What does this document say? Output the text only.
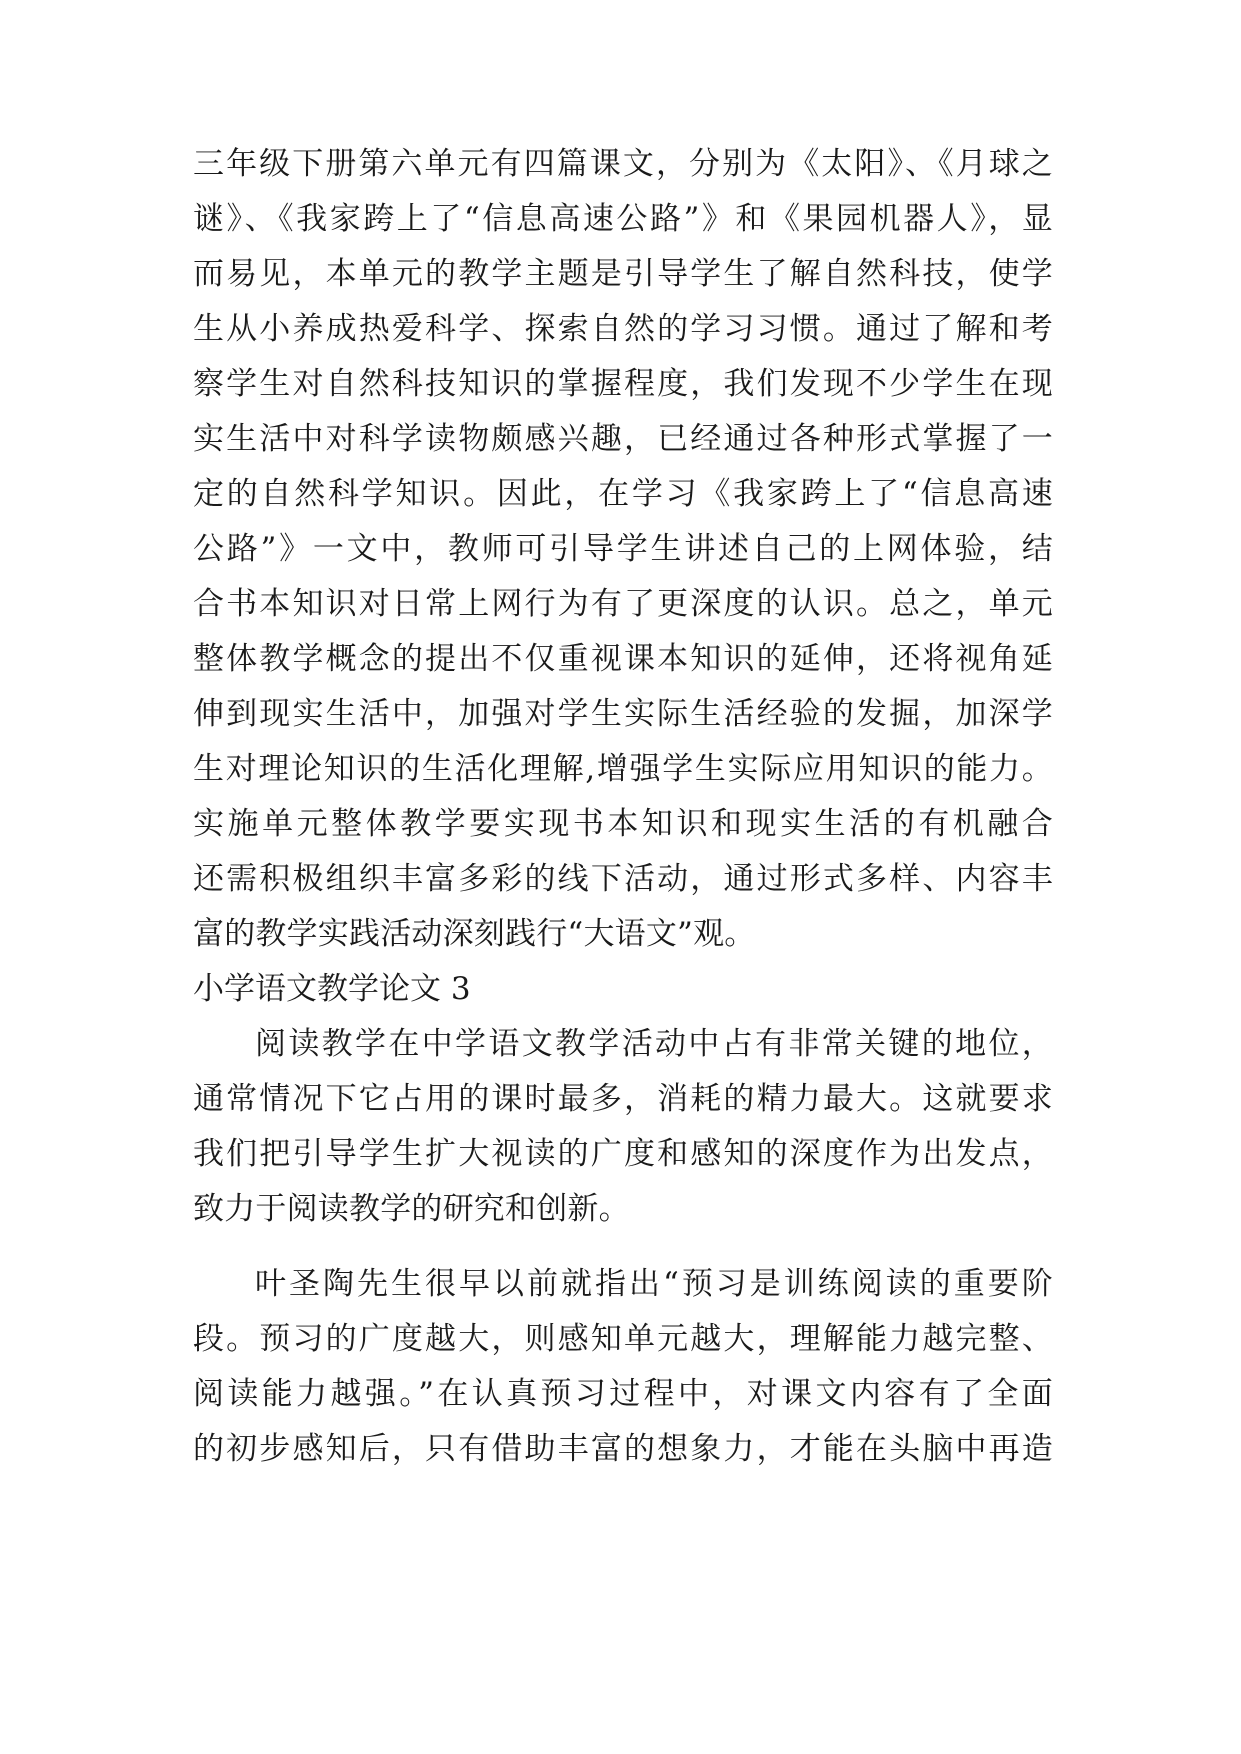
三年级下册第六单元有四篇课文，分别为《太阳》、《月球之
谜》、《我家跨上了“信息高速公路”》和《果园机器人》，显
而易见，本单元的教学主题是引导学生了解自然科技，使学
生从小养成热爱科学、探索自然的学习习惯。通过了解和考
察学生对自然科技知识的掌握程度，我们发现不少学生在现
实生活中对科学读物颇感兴趣，已经通过各种形式掌握了一
定的自然科学知识。因此，在学习《我家跨上了“信息高速
公路”》一文中，教师可引导学生讲述自己的上网体验，结
合书本知识对日常上网行为有了更深度的认识。总之，单元
整体教学概念的提出不仅重视课本知识的延伸，还将视角延
伸到现实生活中，加强对学生实际生活经验的发掘，加深学
生对理论知识的生活化理解,增强学生实际应用知识的能力。
实施单元整体教学要实现书本知识和现实生活的有机融合
还需积极组织丰富多彩的线下活动，通过形式多样、内容丰
富的教学实践活动深刻践行“大语文”观。
小学语文教学论文 3
阅读教学在中学语文教学活动中占有非常关键的地位，
通常情况下它占用的课时最多，消耗的精力最大。这就要求
我们把引导学生扩大视读的广度和感知的深度作为出发点，
致力于阅读教学的研究和创新。
叶圣陶先生很早以前就指出“预习是训练阅读的重要阶
段。预习的广度越大，则感知单元越大，理解能力越完整、
阅读能力越强。”在认真预习过程中，对课文内容有了全面
的初步感知后，只有借助丰富的想象力，才能在头脑中再造
